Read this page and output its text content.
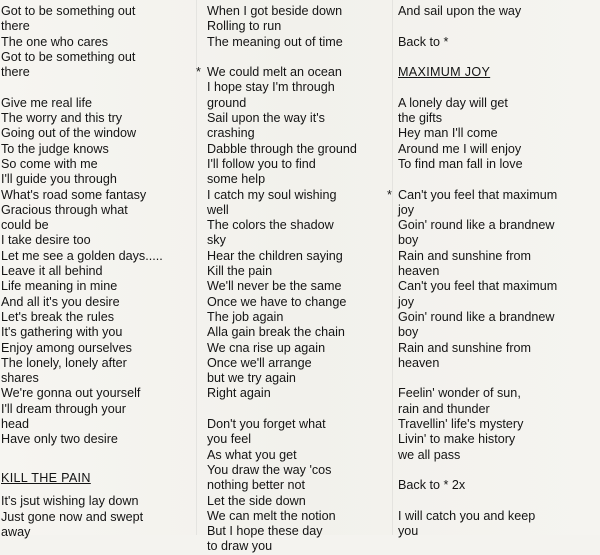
Got to be something out
there
The one who cares
Got to be something out
there
Give me real life
The worry and this try
Going out of the window
To the judge knows
So come with me
I'll guide you through
What's road some fantasy
Gracious through what
could be
I take desire too
Let me see a golden days.....
Leave it all behind
Life meaning in mine
And all it's you desire
Let's break the rules
It's gathering with you
Enjoy among ourselves
The lonely, lonely after
shares
We're gonna out yourself
I'll dream through your
head
Have only two desire
KILL THE PAIN
It's jsut wishing lay down
Just gone now and swept
away
When I got beside down
Rolling to run
The meaning out of time
* We could melt an ocean
I hope stay I'm through
ground
Sail upon the way it's
crashing
Dabble through the ground
I'll follow you to find
some help
I catch my soul wishing
well
The colors the shadow
sky
Hear the children saying
Kill the pain
We'll never be the same
Once we have to change
The job again
Alla gain break the chain
We cna rise up again
Once we'll arrange
but we try again
Right again
Don't you forget what
you feel
As what you get
You draw the way 'cos
nothing better not
Let the side down
We can melt the notion
But I hope these day
to draw you
And sail upon the way
Back to *
MAXIMUM JOY
A lonely day will get
the gifts
Hey man I'll come
Around me I will enjoy
To find man fall in love
* Can't you feel that maximum
joy
Goin' round like a brandnew
boy
Rain and sunshine from
heaven
Can't you feel that maximum
joy
Goin' round like a brandnew
boy
Rain and sunshine from
heaven
Feelin' wonder of sun,
rain and thunder
Travellin' life's mystery
Livin' to make history
we all pass
Back to * 2x
I will catch you and keep
you
